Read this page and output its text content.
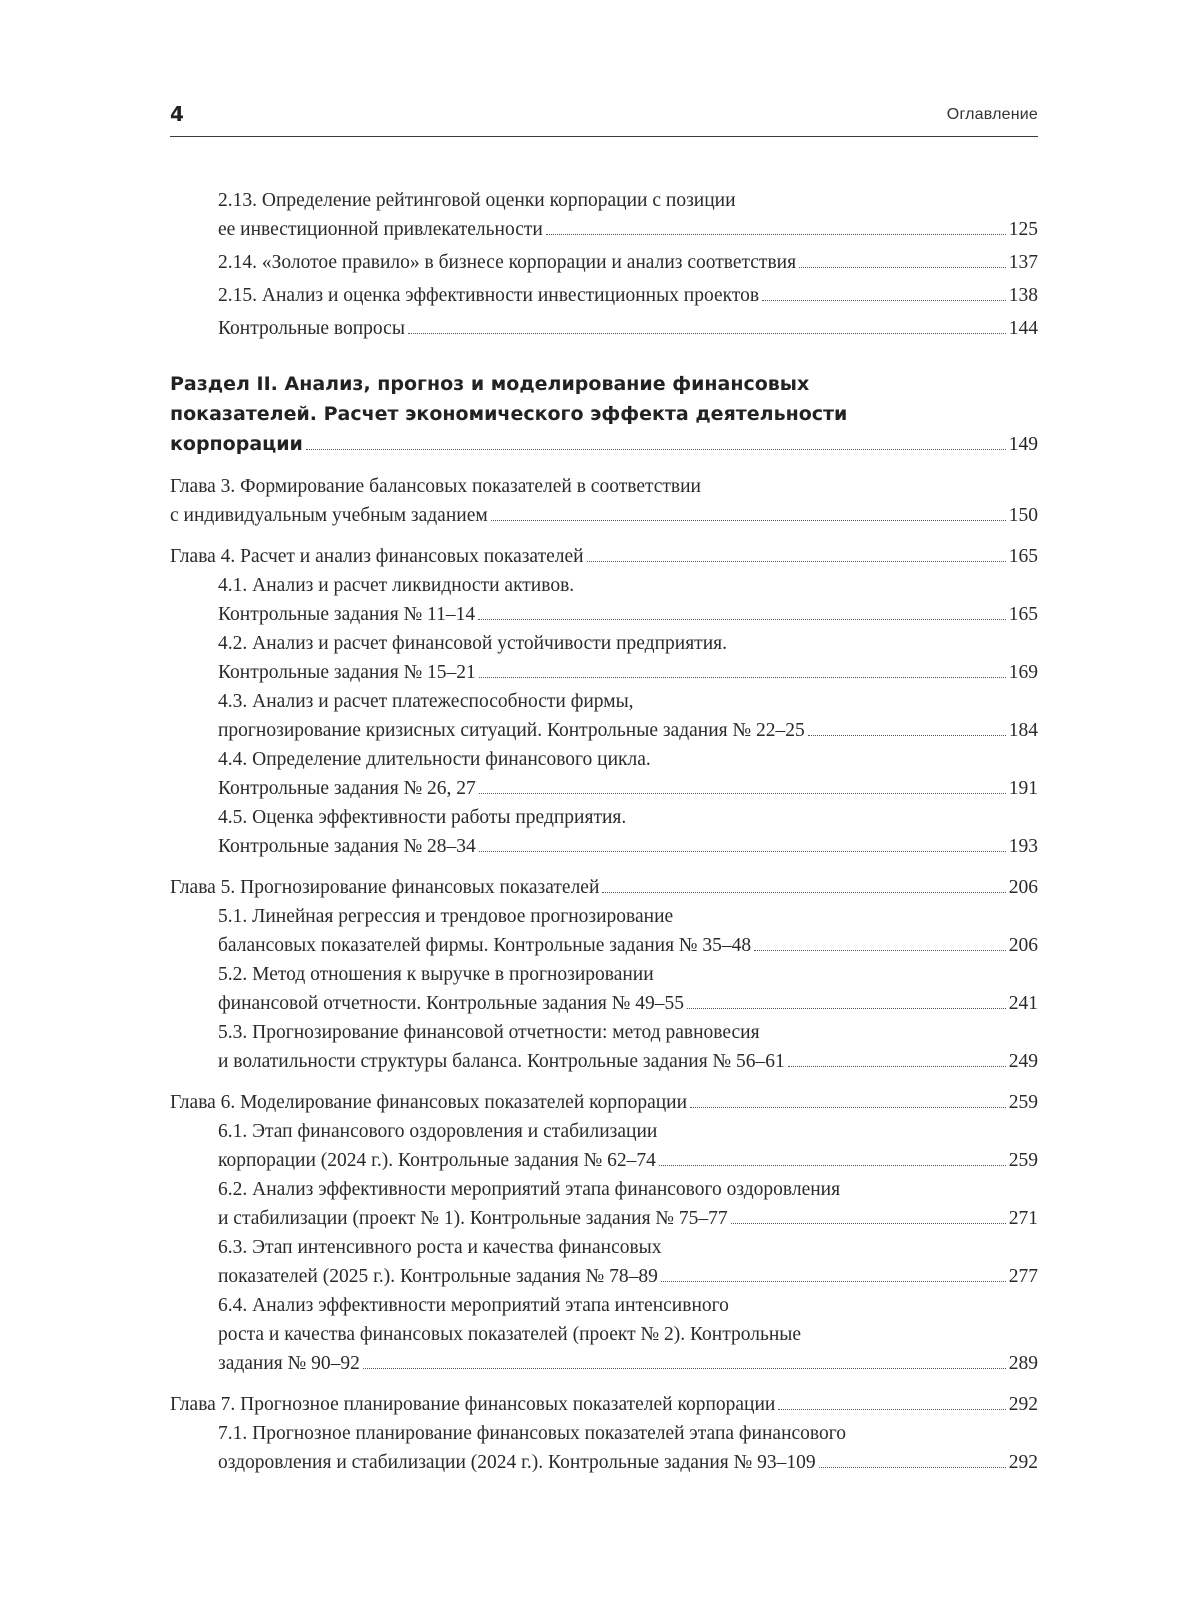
4	Оглавление
2.13. Определение рейтинговой оценки корпорации с позиции
ее инвестиционной привлекательности	125
2.14. «Золотое правило» в бизнесе корпорации и анализ соответствия	137
2.15. Анализ и оценка эффективности инвестиционных проектов	138
Контрольные вопросы	144
Раздел II. Анализ, прогноз и моделирование финансовых
показателей. Расчет экономического эффекта деятельности
корпорации	149
Глава 3. Формирование балансовых показателей в соответствии
с индивидуальным учебным заданием	150
Глава 4. Расчет и анализ финансовых показателей	165
4.1. Анализ и расчет ликвидности активов.
Контрольные задания № 11–14	165
4.2. Анализ и расчет финансовой устойчивости предприятия.
Контрольные задания № 15–21	169
4.3. Анализ и расчет платежеспособности фирмы,
прогнозирование кризисных ситуаций. Контрольные задания № 22–25	184
4.4. Определение длительности финансового цикла.
Контрольные задания № 26, 27	191
4.5. Оценка эффективности работы предприятия.
Контрольные задания № 28–34	193
Глава 5. Прогнозирование финансовых показателей	206
5.1. Линейная регрессия и трендовое прогнозирование
балансовых показателей фирмы. Контрольные задания № 35–48	206
5.2. Метод отношения к выручке в прогнозировании
финансовой отчетности. Контрольные задания № 49–55	241
5.3. Прогнозирование финансовой отчетности: метод равновесия
и волатильности структуры баланса. Контрольные задания № 56–61	249
Глава 6. Моделирование финансовых показателей корпорации	259
6.1. Этап финансового оздоровления и стабилизации
корпорации (2024 г.). Контрольные задания № 62–74	259
6.2. Анализ эффективности мероприятий этапа финансового оздоровления
и стабилизации (проект № 1). Контрольные задания № 75–77	271
6.3. Этап интенсивного роста и качества финансовых
показателей (2025 г.). Контрольные задания № 78–89	277
6.4. Анализ эффективности мероприятий этапа интенсивного
роста и качества финансовых показателей (проект № 2). Контрольные
задания № 90–92	289
Глава 7. Прогнозное планирование финансовых показателей корпорации	292
7.1. Прогнозное планирование финансовых показателей этапа финансового
оздоровления и стабилизации (2024 г.). Контрольные задания № 93–109	292
